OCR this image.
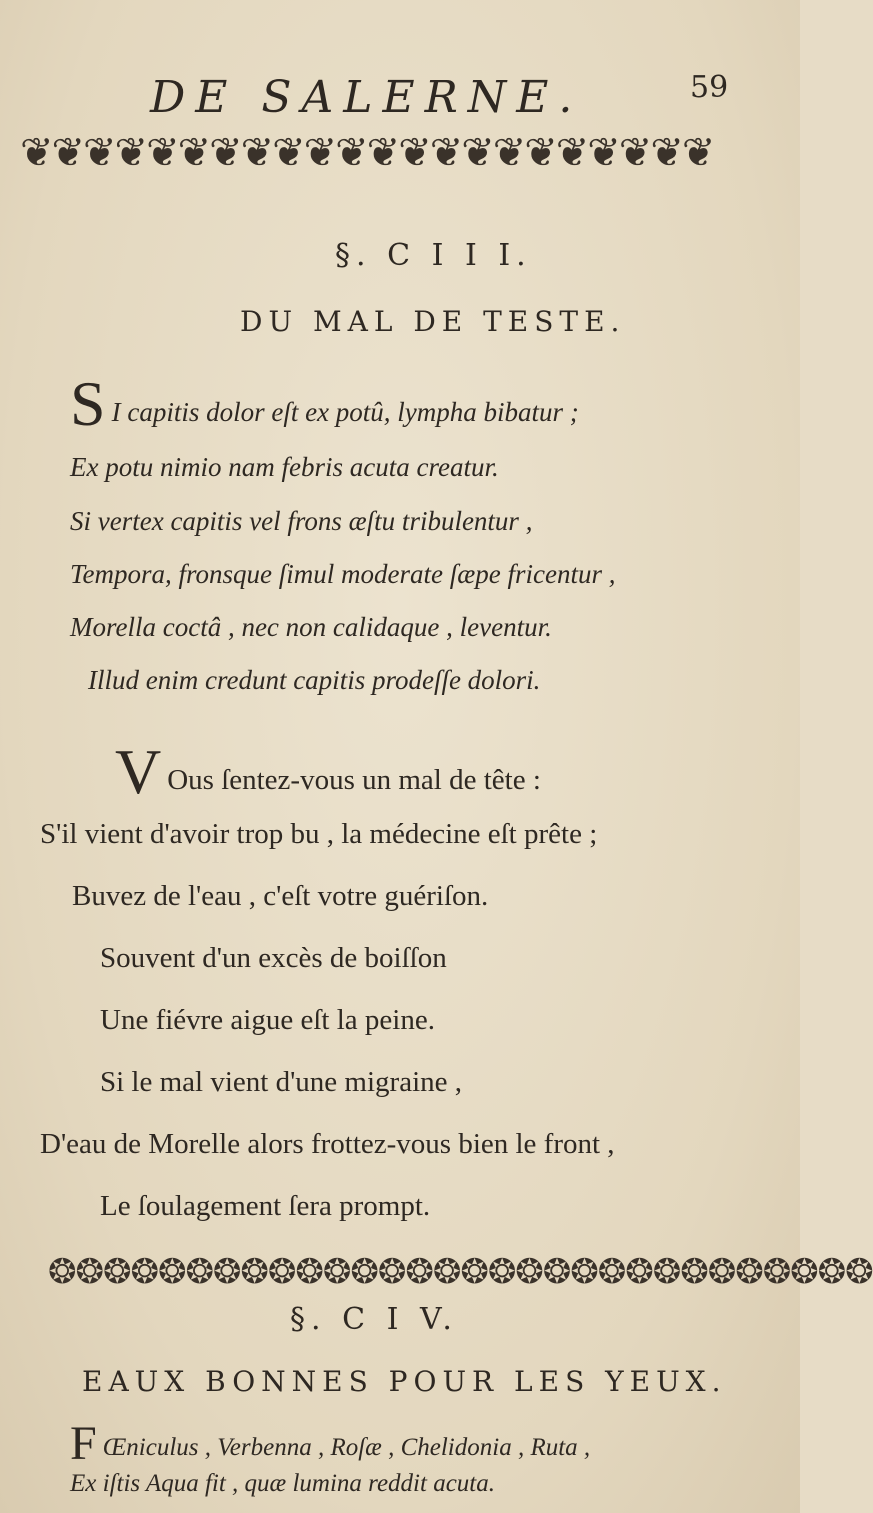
DE SALERNE.	59
❦❦❦❦❦❦❦❦❦❦❦❦❦❦❦❦❦❦❦❦❦❦
§. C I I I.
DU MAL DE TESTE.
S I capitis dolor eſt ex potû, lympha bibatur ;
Ex potu nimio nam febris acuta creatur.
Si vertex capitis vel frons æſtu tribulentur ,
Tempora, fronsque ſimul moderate ſæpe fricentur ,
Morella coctâ , nec non calidaque , leventur.
Illud enim credunt capitis prodeſſe dolori.
V Ous ſentez-vous un mal de tête :
S'il vient d'avoir trop bu , la médecine eſt prête ;
Buvez de l'eau , c'eſt votre guériſon.
Souvent d'un excès de boiſſon
Une fiévre aigue eſt la peine.
Si le mal vient d'une migraine ,
D'eau de Morelle alors frottez-vous bien le front ,
Le ſoulagement ſera prompt.
❂❂❂❂❂❂❂❂❂❂❂❂❂❂❂❂❂❂❂❂❂❂❂❂❂❂❂❂❂❂
§. C I V.
EAUX BONNES POUR LES YEUX.
F Œniculus , Verbenna , Roſæ , Chelidonia , Ruta ,
Ex iſtis Aqua fit , quæ lumina reddit acuta.
